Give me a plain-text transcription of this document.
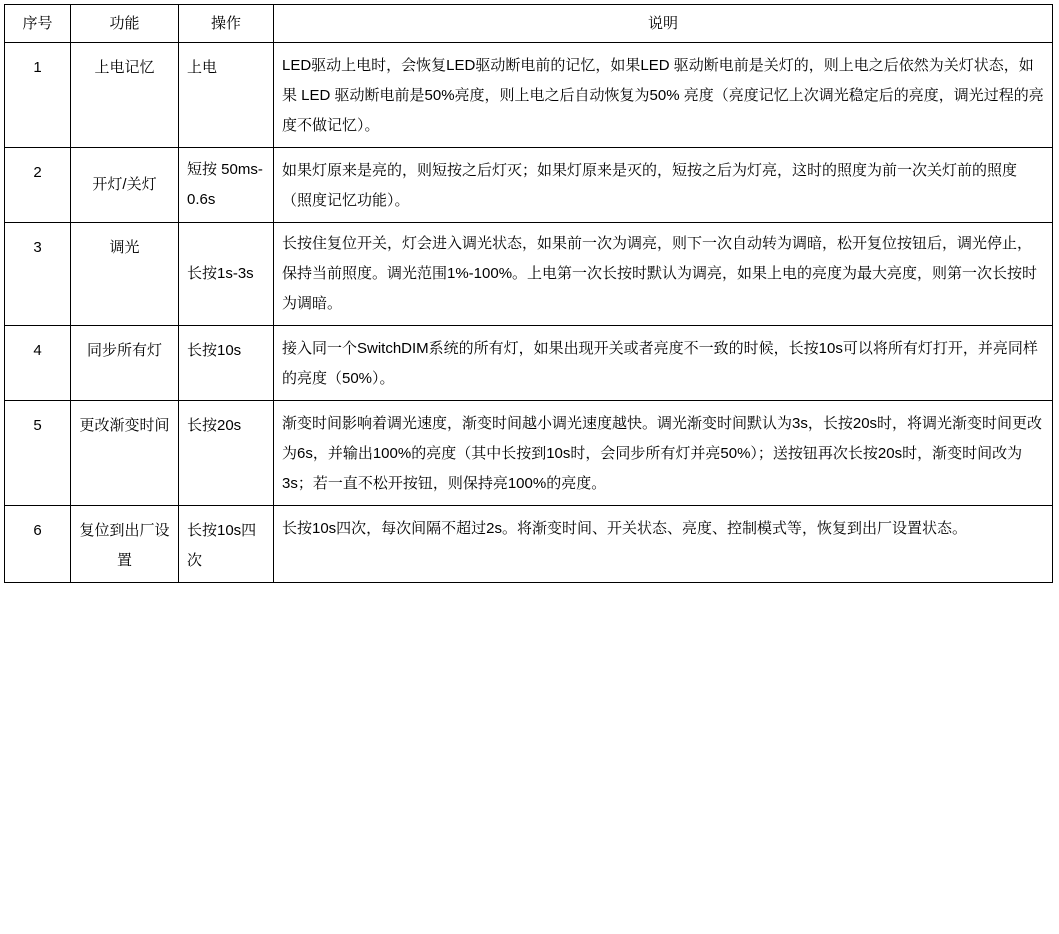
序号	功能	操作	说明
1	上电记忆	上电	LED驱动上电时，会恢复LED驱动断电前的记忆，如果LED 驱动断电前是关灯的，则上电之后依然为关灯状态，如果 LED 驱动断电前是50%亮度，则上电之后自动恢复为50% 亮度（亮度记忆上次调光稳定后的亮度，调光过程的亮度不做记忆）。
2	开灯/关灯	短按 50ms-0.6s	如果灯原来是亮的，则短按之后灯灭；如果灯原来是灭的，短按之后为灯亮，这时的照度为前一次关灯前的照度（照度记忆功能）。
3	调光	长按1s-3s	长按住复位开关，灯会进入调光状态，如果前一次为调亮，则下一次自动转为调暗，松开复位按钮后，调光停止，保持当前照度。调光范围1%-100%。上电第一次长按时默认为调亮，如果上电的亮度为最大亮度，则第一次长按时为调暗。
4	同步所有灯	长按10s	接入同一个SwitchDIM系统的所有灯，如果出现开关或者亮度不一致的时候，长按10s可以将所有灯打开，并亮同样的亮度（50%）。
5	更改渐变时间	长按20s	渐变时间影响着调光速度，渐变时间越小调光速度越快。调光渐变时间默认为3s，长按20s时，将调光渐变时间更改为6s，并输出100%的亮度（其中长按到10s时，会同步所有灯并亮50%）；送按钮再次长按20s时，渐变时间改为3s；若一直不松开按钮，则保持亮100%的亮度。
6	复位到出厂设置	长按10s四次	长按10s四次，每次间隔不超过2s。将渐变时间、开关状态、亮度、控制模式等，恢复到出厂设置状态。
